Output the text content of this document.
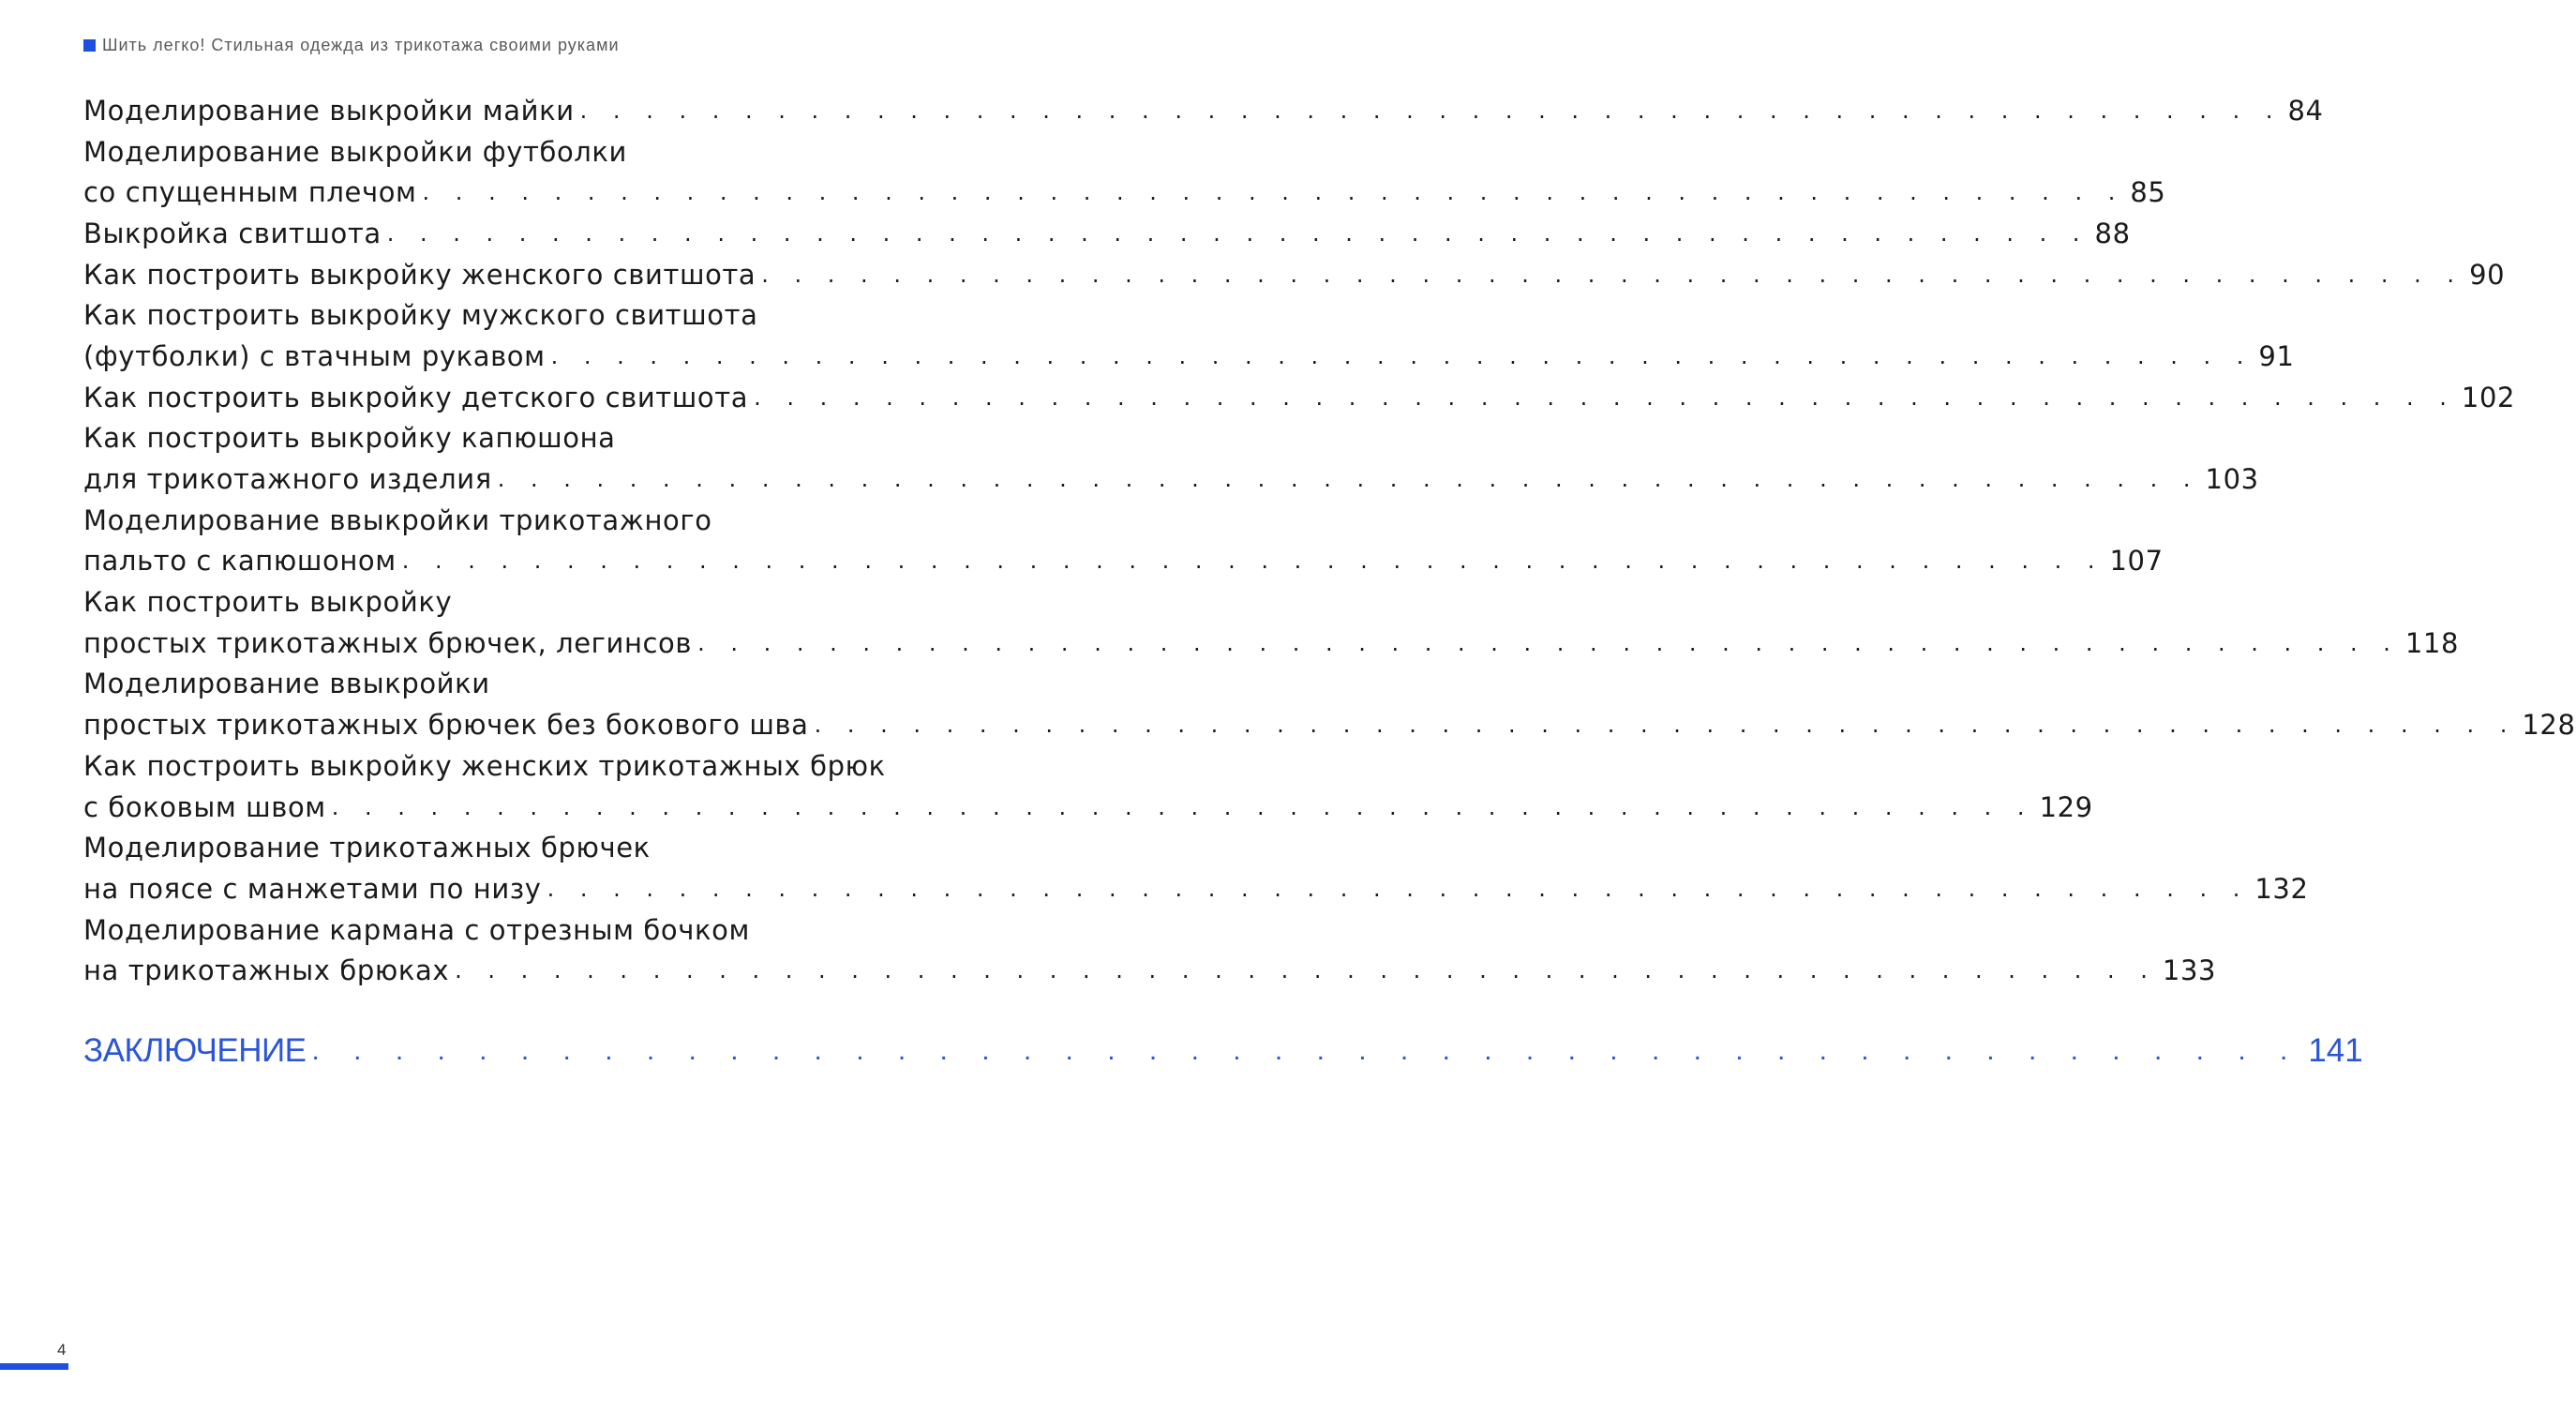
Шить легко! Стильная одежда из трикотажа своими руками
Моделирование выкройки майки . . . . . . . . . . . . . . . . . . . . . . . . . . . . . . . . . . . . . . . . . . . . . . . . . . . . 84
Моделирование выкройки футболки
со спущенным плечом . . . . . . . . . . . . . . . . . . . . . . . . . . . . . . . . . . . . . . . . . . . . . . . . . . . . 85
Выкройка свитшота . . . . . . . . . . . . . . . . . . . . . . . . . . . . . . . . . . . . . . . . . . . . . . . . . . . . 88
Как построить выкройку женского свитшота . . . . . . . . . . . . . . . . . . . . . . . . . . . . . . . . . . . . . . . . . . . . . . . . . . . . 90
Как построить выкройку мужского свитшота
(футболки) с втачным рукавом . . . . . . . . . . . . . . . . . . . . . . . . . . . . . . . . . . . . . . . . . . . . . . . . . . . . 91
Как построить выкройку детского свитшота . . . . . . . . . . . . . . . . . . . . . . . . . . . . . . . . . . . . . . . . . . . . . . . . . . . . 102
Как построить выкройку капюшона
для трикотажного изделия . . . . . . . . . . . . . . . . . . . . . . . . . . . . . . . . . . . . . . . . . . . . . . . . . . . . 103
Моделирование ввыкройки трикотажного
пальто с капюшоном . . . . . . . . . . . . . . . . . . . . . . . . . . . . . . . . . . . . . . . . . . . . . . . . . . . . 107
Как построить выкройку
простых трикотажных брючек, легинсов . . . . . . . . . . . . . . . . . . . . . . . . . . . . . . . . . . . . . . . . . . . . . . . . . . . . 118
Моделирование ввыкройки
простых трикотажных брючек без бокового шва . . . . . . . . . . . . . . . . . . . . . . . . . . . . . . . . . . . . . . . . . . . . . . . . . . . . 128
Как построить выкройку женских трикотажных брюк
с боковым швом . . . . . . . . . . . . . . . . . . . . . . . . . . . . . . . . . . . . . . . . . . . . . . . . . . . . 129
Моделирование трикотажных брючек
на поясе с манжетами по низу . . . . . . . . . . . . . . . . . . . . . . . . . . . . . . . . . . . . . . . . . . . . . . . . . . . . 132
Моделирование кармана с отрезным бочком
на трикотажных брюках . . . . . . . . . . . . . . . . . . . . . . . . . . . . . . . . . . . . . . . . . . . . . . . . . . . . 133
ЗАКЛЮЧЕНИЕ . . . . . . . . . . . . . . . . . . . . . . . . . . . . . . . . . . . . . . . . . . . . . . . . 141
4
